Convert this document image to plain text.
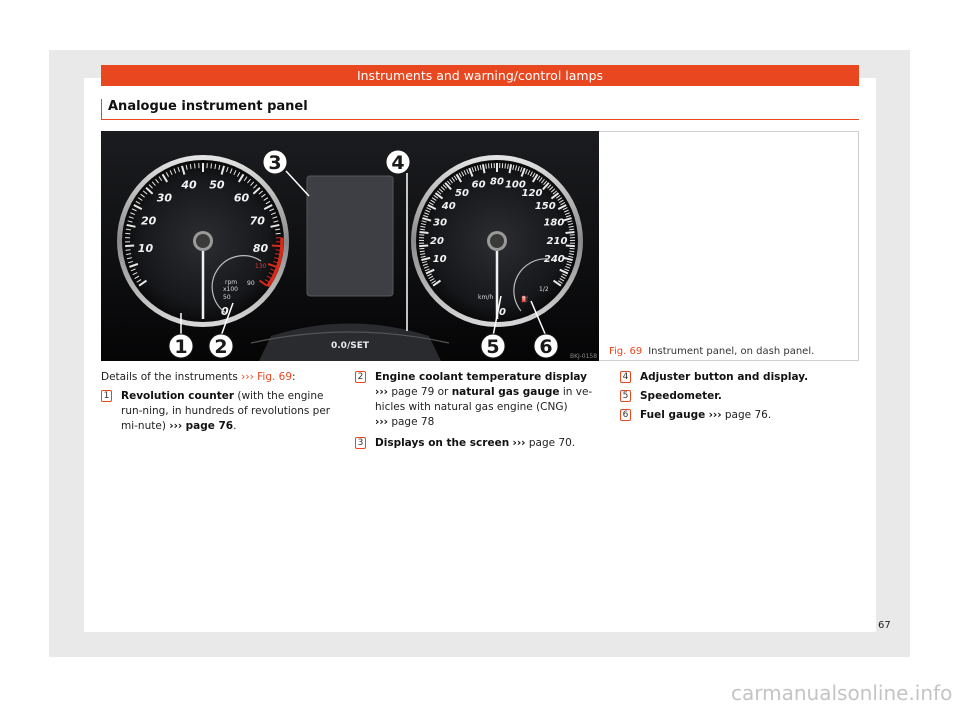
Instruments and warning/control lamps
Analogue instrument panel
10
20
30
40 50
60
70
80
0
rpm
x100
50
130
90
10
20
30
40
50
60 80 100
120
150
180
210
240
0
km/h
1/2
⛽
0.0/SET
1 2
3	4
5 6	BKJ-0158 Fig. 69 Instrument panel, on dash panel.
Details of the instruments ››› Fig. 69:
1 Revolution counter (with the engine run-ning, in hundreds of revolutions per mi-nute) ››› page 76.
2 Engine coolant temperature display
››› page 79 or natural gas gauge in ve-hicles with natural gas engine (CNG)
››› page 78
3 Displays on the screen ››› page 70.
4 Adjuster button and display.
5 Speedometer.
6 Fuel gauge ››› page 76.
67
carmanualsonline.info
